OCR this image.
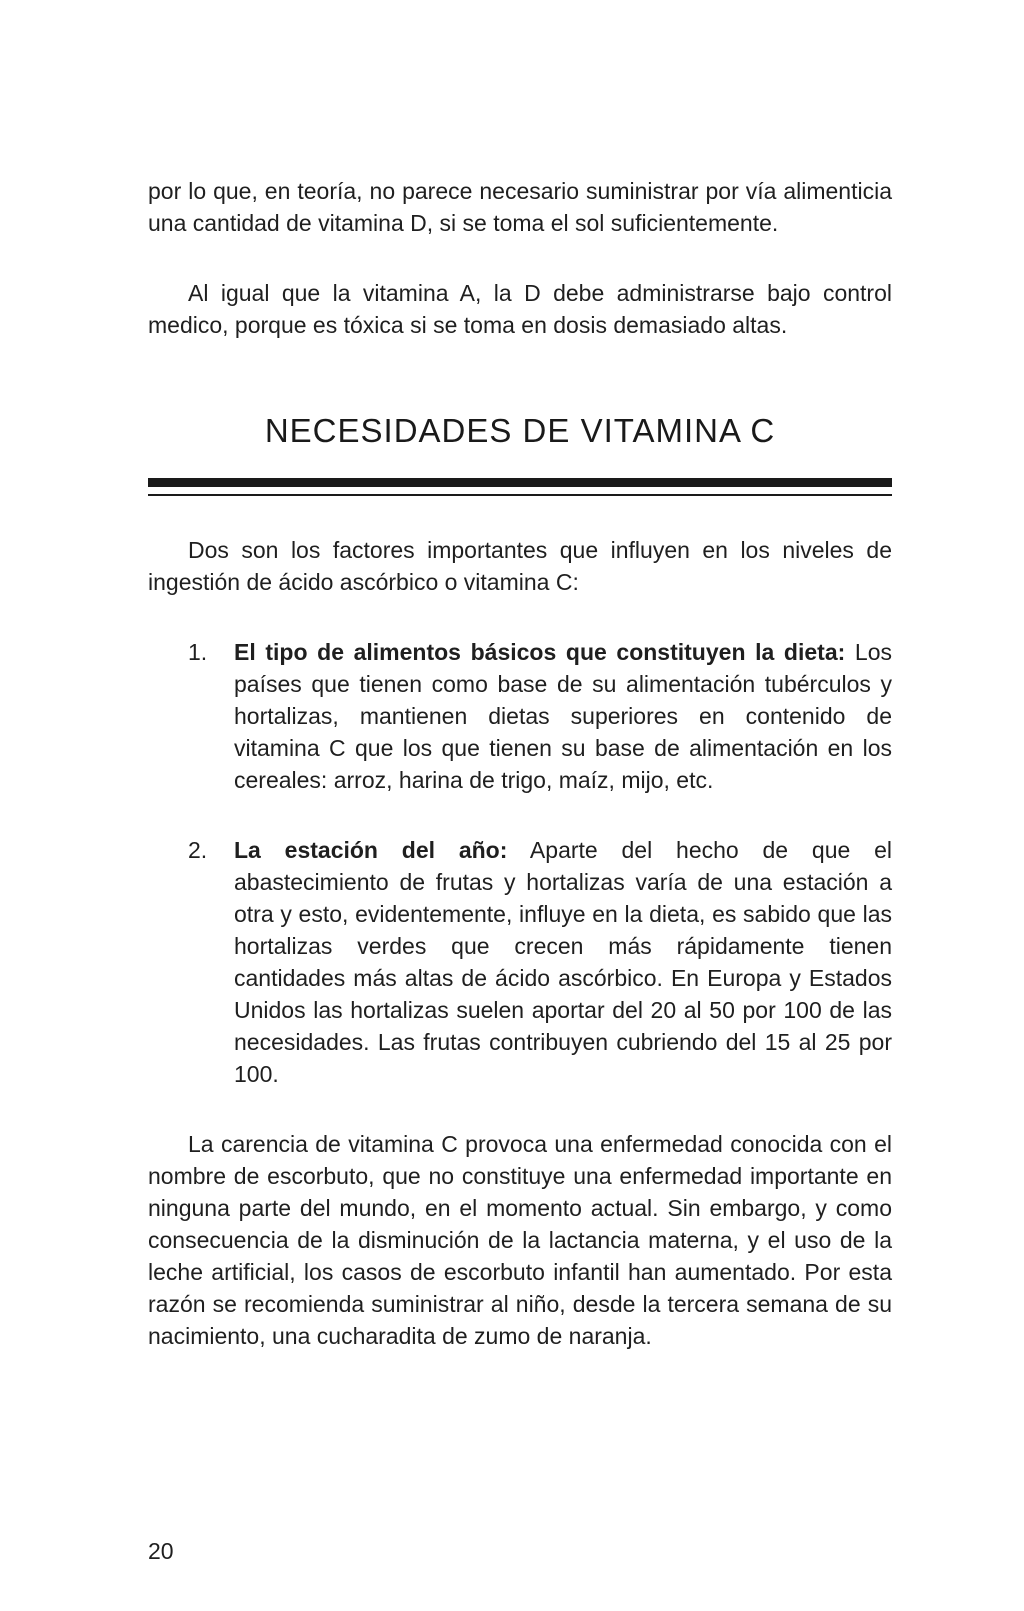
por lo que, en teoría, no parece necesario suministrar por vía alimenticia una cantidad de vitamina D, si se toma el sol suficientemente.

Al igual que la vitamina A, la D debe administrarse bajo control medico, porque es tóxica si se toma en dosis demasiado altas.

NECESIDADES DE VITAMINA C

Dos son los factores importantes que influyen en los niveles de ingestión de ácido ascórbico o vitamina C:

1. El tipo de alimentos básicos que constituyen la dieta: Los países que tienen como base de su alimentación tubérculos y hortalizas, mantienen dietas superiores en contenido de vitamina C que los que tienen su base de alimentación en los cereales: arroz, harina de trigo, maíz, mijo, etc.
2. La estación del año: Aparte del hecho de que el abastecimiento de frutas y hortalizas varía de una estación a otra y esto, evidentemente, influye en la dieta, es sabido que las hortalizas verdes que crecen más rápidamente tienen cantidades más altas de ácido ascórbico. En Europa y Estados Unidos las hortalizas suelen aportar del 20 al 50 por 100 de las necesidades. Las frutas contribuyen cubriendo del 15 al 25 por 100.

La carencia de vitamina C provoca una enfermedad conocida con el nombre de escorbuto, que no constituye una enfermedad importante en ninguna parte del mundo, en el momento actual. Sin embargo, y como consecuencia de la disminución de la lactancia materna, y el uso de la leche artificial, los casos de escorbuto infantil han aumentado. Por esta razón se recomienda suministrar al niño, desde la tercera semana de su nacimiento, una cucharadita de zumo de naranja.

20
